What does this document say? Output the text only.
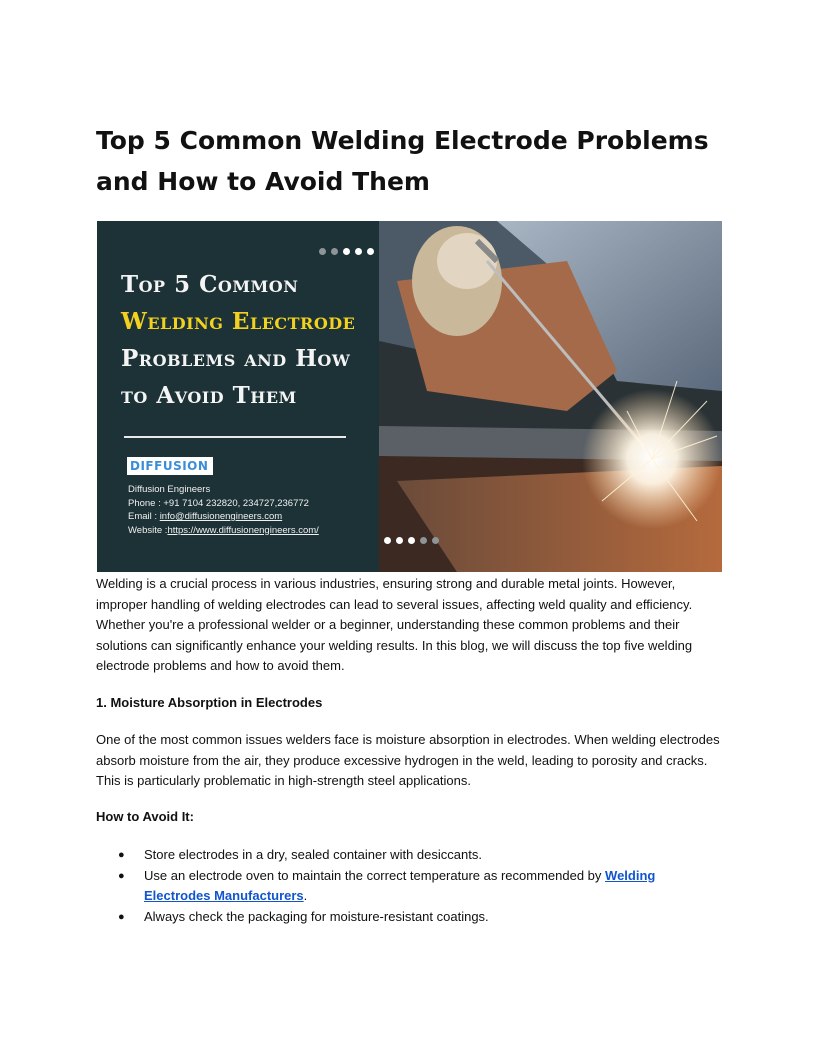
Top 5 Common Welding Electrode Problems and How to Avoid Them
Top 5 Common
Welding Electrode
Problems and How
to Avoid Them
DIFFUSION
Diffusion Engineers
Phone : +91 7104 232820, 234727,236772
Email : info@diffusionengineers.com
Website :https://www.diffusionengineers.com/

Welding is a crucial process in various industries, ensuring strong and durable metal joints. However, improper handling of welding electrodes can lead to several issues, affecting weld quality and efficiency. Whether you're a professional welder or a beginner, understanding these common problems and their solutions can significantly enhance your welding results. In this blog, we will discuss the top five welding electrode problems and how to avoid them.

1. Moisture Absorption in Electrodes

One of the most common issues welders face is moisture absorption in electrodes. When welding electrodes absorb moisture from the air, they produce excessive hydrogen in the weld, leading to porosity and cracks. This is particularly problematic in high-strength steel applications.

How to Avoid It:

● Store electrodes in a dry, sealed container with desiccants.
● Use an electrode oven to maintain the correct temperature as recommended by Welding Electrodes Manufacturers.
● Always check the packaging for moisture-resistant coatings.
